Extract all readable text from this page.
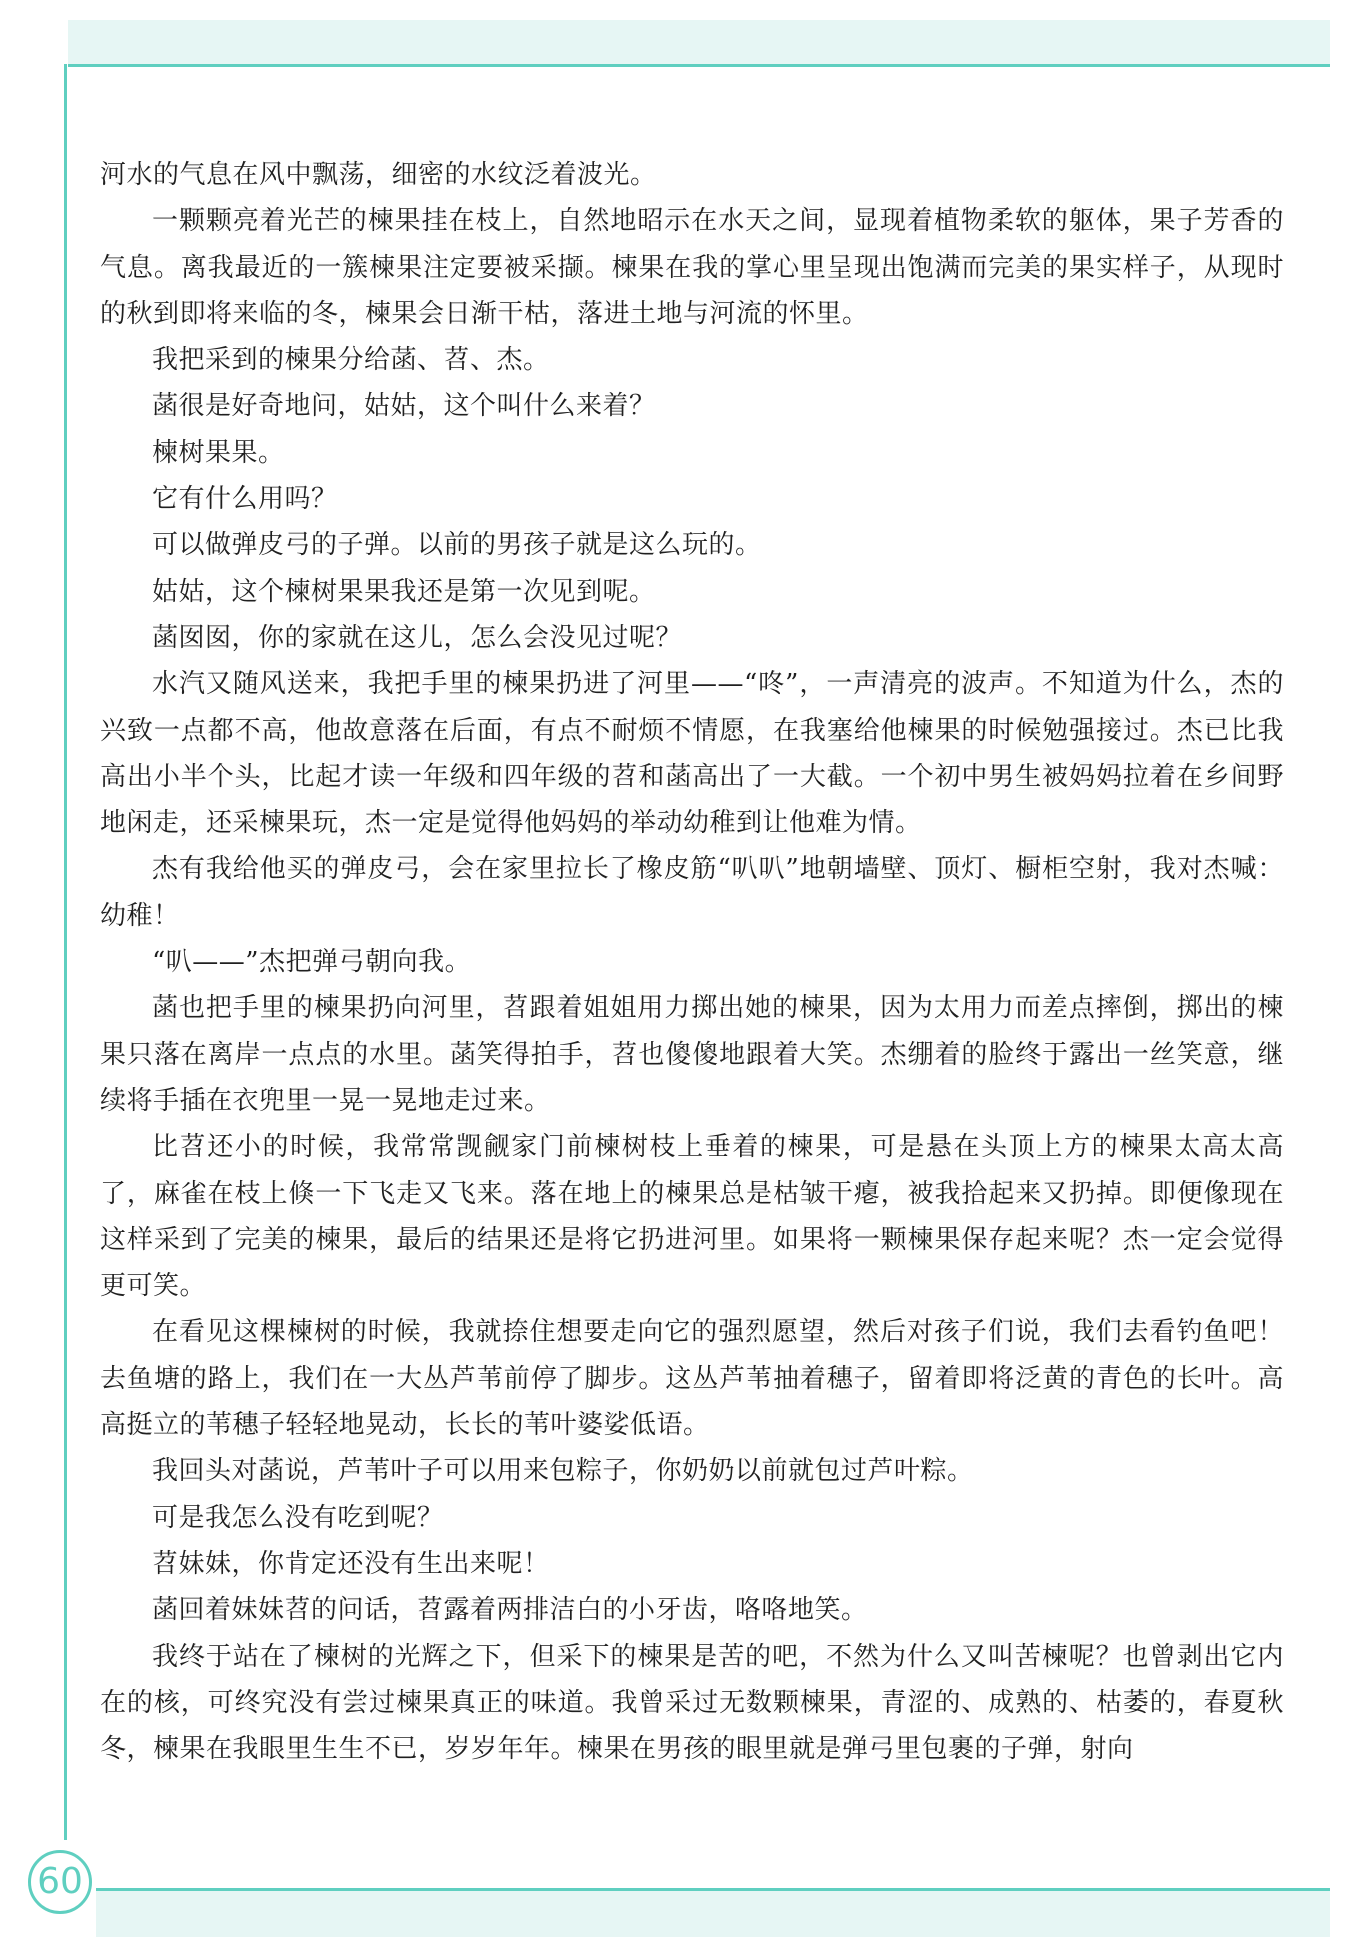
60

河水的气息在风中飘荡，细密的水纹泛着波光。

一颗颗亮着光芒的楝果挂在枝上，自然地昭示在水天之间，显现着植物柔软的躯体，果子芳香的气息。离我最近的一簇楝果注定要被采撷。楝果在我的掌心里呈现出饱满而完美的果实样子，从现时的秋到即将来临的冬，楝果会日渐干枯，落进土地与河流的怀里。

我把采到的楝果分给菡、苕、杰。

菡很是好奇地问，姑姑，这个叫什么来着？

楝树果果。

它有什么用吗？

可以做弹皮弓的子弹。以前的男孩子就是这么玩的。

姑姑，这个楝树果果我还是第一次见到呢。

菡囡囡，你的家就在这儿，怎么会没见过呢？

水汽又随风送来，我把手里的楝果扔进了河里——“咚”，一声清亮的波声。不知道为什么，杰的兴致一点都不高，他故意落在后面，有点不耐烦不情愿，在我塞给他楝果的时候勉强接过。杰已比我高出小半个头，比起才读一年级和四年级的苕和菡高出了一大截。一个初中男生被妈妈拉着在乡间野地闲走，还采楝果玩，杰一定是觉得他妈妈的举动幼稚到让他难为情。

杰有我给他买的弹皮弓，会在家里拉长了橡皮筋“叭叭”地朝墙壁、顶灯、橱柜空射，我对杰喊：幼稚！

“叭——”杰把弹弓朝向我。

菡也把手里的楝果扔向河里，苕跟着姐姐用力掷出她的楝果，因为太用力而差点摔倒，掷出的楝果只落在离岸一点点的水里。菡笑得拍手，苕也傻傻地跟着大笑。杰绷着的脸终于露出一丝笑意，继续将手插在衣兜里一晃一晃地走过来。

比苕还小的时候，我常常觊觎家门前楝树枝上垂着的楝果，可是悬在头顶上方的楝果太高太高了，麻雀在枝上倏一下飞走又飞来。落在地上的楝果总是枯皱干瘪，被我拾起来又扔掉。即便像现在这样采到了完美的楝果，最后的结果还是将它扔进河里。如果将一颗楝果保存起来呢？杰一定会觉得更可笑。

在看见这棵楝树的时候，我就捺住想要走向它的强烈愿望，然后对孩子们说，我们去看钓鱼吧！去鱼塘的路上，我们在一大丛芦苇前停了脚步。这丛芦苇抽着穗子，留着即将泛黄的青色的长叶。高高挺立的苇穗子轻轻地晃动，长长的苇叶婆娑低语。

我回头对菡说，芦苇叶子可以用来包粽子，你奶奶以前就包过芦叶粽。

可是我怎么没有吃到呢？

苕妹妹，你肯定还没有生出来呢！

菡回着妹妹苕的问话，苕露着两排洁白的小牙齿，咯咯地笑。

我终于站在了楝树的光辉之下，但采下的楝果是苦的吧，不然为什么又叫苦楝呢？也曾剥出它内在的核，可终究没有尝过楝果真正的味道。我曾采过无数颗楝果，青涩的、成熟的、枯萎的，春夏秋冬，楝果在我眼里生生不已，岁岁年年。楝果在男孩的眼里就是弹弓里包裹的子弹，射向
